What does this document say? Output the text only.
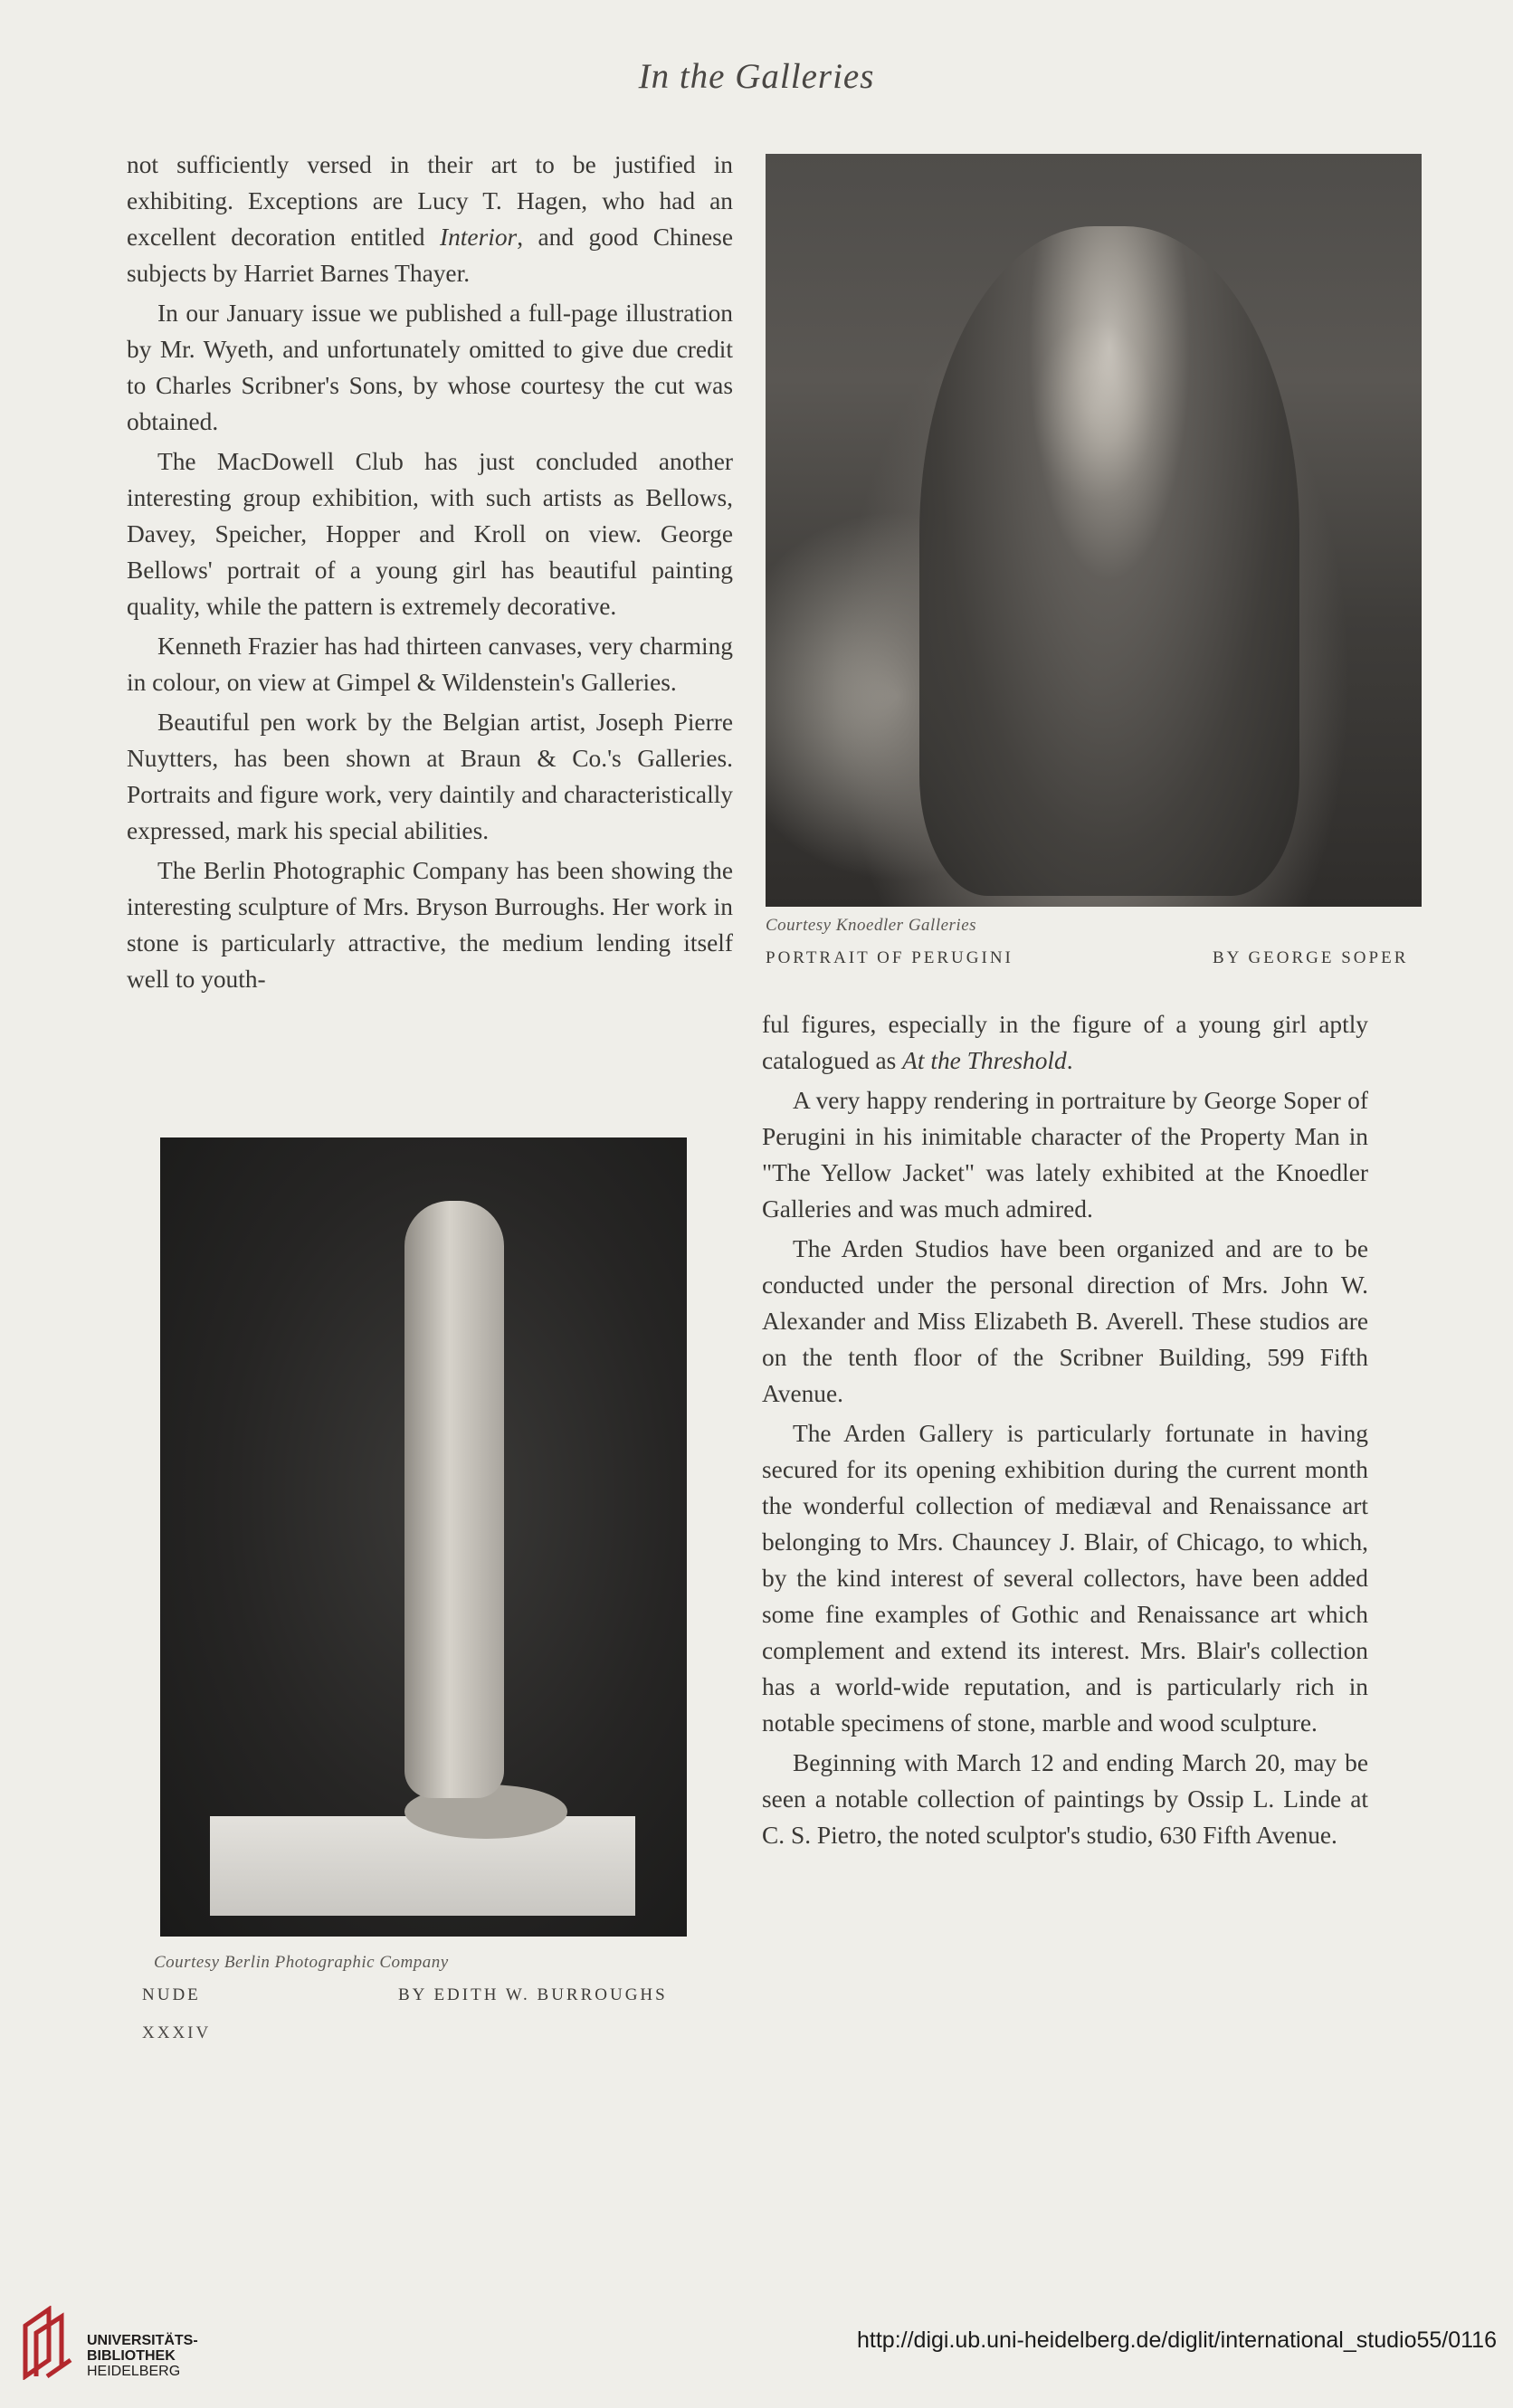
In the Galleries

not sufficiently versed in their art to be justified in exhibiting. Exceptions are Lucy T. Hagen, who had an excellent decoration entitled Interior, and good Chinese subjects by Harriet Barnes Thayer.

In our January issue we published a full-page illustration by Mr. Wyeth, and unfortunately omitted to give due credit to Charles Scribner's Sons, by whose courtesy the cut was obtained.

The MacDowell Club has just concluded another interesting group exhibition, with such artists as Bellows, Davey, Speicher, Hopper and Kroll on view. George Bellows' portrait of a young girl has beautiful painting quality, while the pattern is extremely decorative.

Kenneth Frazier has had thirteen canvases, very charming in colour, on view at Gimpel & Wildenstein's Galleries.

Beautiful pen work by the Belgian artist, Joseph Pierre Nuytters, has been shown at Braun & Co.'s Galleries. Portraits and figure work, very daintily and characteristically expressed, mark his special abilities.

The Berlin Photographic Company has been showing the interesting sculpture of Mrs. Bryson Burroughs. Her work in stone is particularly attractive, the medium lending itself well to youth-

Courtesy Knoedler Galleries
PORTRAIT OF PERUGINI	BY GEORGE SOPER

ful figures, especially in the figure of a young girl aptly catalogued as At the Threshold.

A very happy rendering in portraiture by George Soper of Perugini in his inimitable character of the Property Man in "The Yellow Jacket" was lately exhibited at the Knoedler Galleries and was much admired.

The Arden Studios have been organized and are to be conducted under the personal direction of Mrs. John W. Alexander and Miss Elizabeth B. Averell. These studios are on the tenth floor of the Scribner Building, 599 Fifth Avenue.

The Arden Gallery is particularly fortunate in having secured for its opening exhibition during the current month the wonderful collection of mediæval and Renaissance art belonging to Mrs. Chauncey J. Blair, of Chicago, to which, by the kind interest of several collectors, have been added some fine examples of Gothic and Renaissance art which complement and extend its interest. Mrs. Blair's collection has a world-wide reputation, and is particularly rich in notable specimens of stone, marble and wood sculpture.

Beginning with March 12 and ending March 20, may be seen a notable collection of paintings by Ossip L. Linde at C. S. Pietro, the noted sculptor's studio, 630 Fifth Avenue.

Courtesy Berlin Photographic Company
NUDE	BY EDITH W. BURROUGHS
XXXIV
UNIVERSITÄTS-
BIBLIOTHEK
HEIDELBERG
http://digi.ub.uni-heidelberg.de/diglit/international_studio55/0116
